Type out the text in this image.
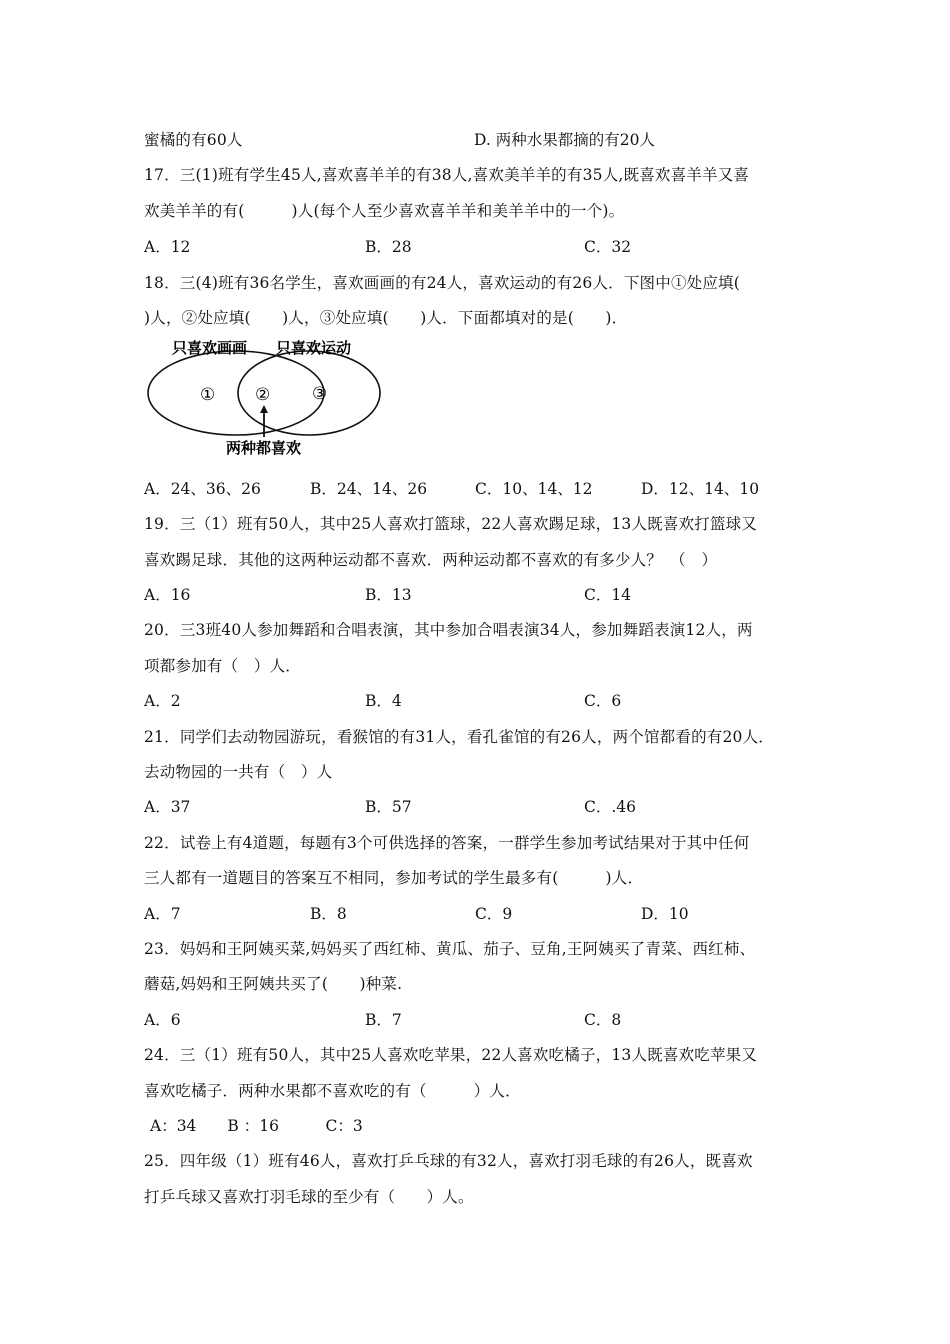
蜜橘的有60人	D. 两种水果都摘的有20人
17．三(1)班有学生45人,喜欢喜羊羊的有38人,喜欢美羊羊的有35人,既喜欢喜羊羊又喜
欢美羊羊的有(　　　)人(每个人至少喜欢喜羊羊和美羊羊中的一个)。
A．12	B．28	C．32
18．三(4)班有36名学生，喜欢画画的有24人，喜欢运动的有26人．下图中①处应填(
)人，②处应填(　　)人，③处应填(　　)人．下面都填对的是(　　)．
只喜欢画画 只喜欢运动
① ② ③
两种都喜欢
A．24、36、26	B．24、14、26	C．10、14、12	D．12、14、10
19．三（1）班有50人，其中25人喜欢打篮球，22人喜欢踢足球，13人既喜欢打篮球又
喜欢踢足球．其他的这两种运动都不喜欢．两种运动都不喜欢的有多少人？　（　）
A．16	B．13	C．14
20．三3班40人参加舞蹈和合唱表演，其中参加合唱表演34人，参加舞蹈表演12人，两
项都参加有（　）人．
A．2	B．4	C．6
21．同学们去动物园游玩，看猴馆的有31人，看孔雀馆的有26人，两个馆都看的有20人．
去动物园的一共有（　）人
A．37	B．57	C．.46
22．试卷上有4道题，每题有3个可供选择的答案，一群学生参加考试结果对于其中任何
三人都有一道题目的答案互不相同，参加考试的学生最多有(　　　)人．
A．7	B．8	C．9	D．10
23．妈妈和王阿姨买菜,妈妈买了西红柿、黄瓜、茄子、豆角,王阿姨买了青菜、西红柿、
蘑菇,妈妈和王阿姨共买了(　　)种菜.
A．6	B．7	C．8
24．三（1）班有50人，其中25人喜欢吃苹果，22人喜欢吃橘子，13人既喜欢吃苹果又
喜欢吃橘子．两种水果都不喜欢吃的有（　　　）人．
A：34　　B ：16　　　C：3
25．四年级（1）班有46人，喜欢打乒乓球的有32人，喜欢打羽毛球的有26人，既喜欢
打乒乓球又喜欢打羽毛球的至少有（　　）人。
